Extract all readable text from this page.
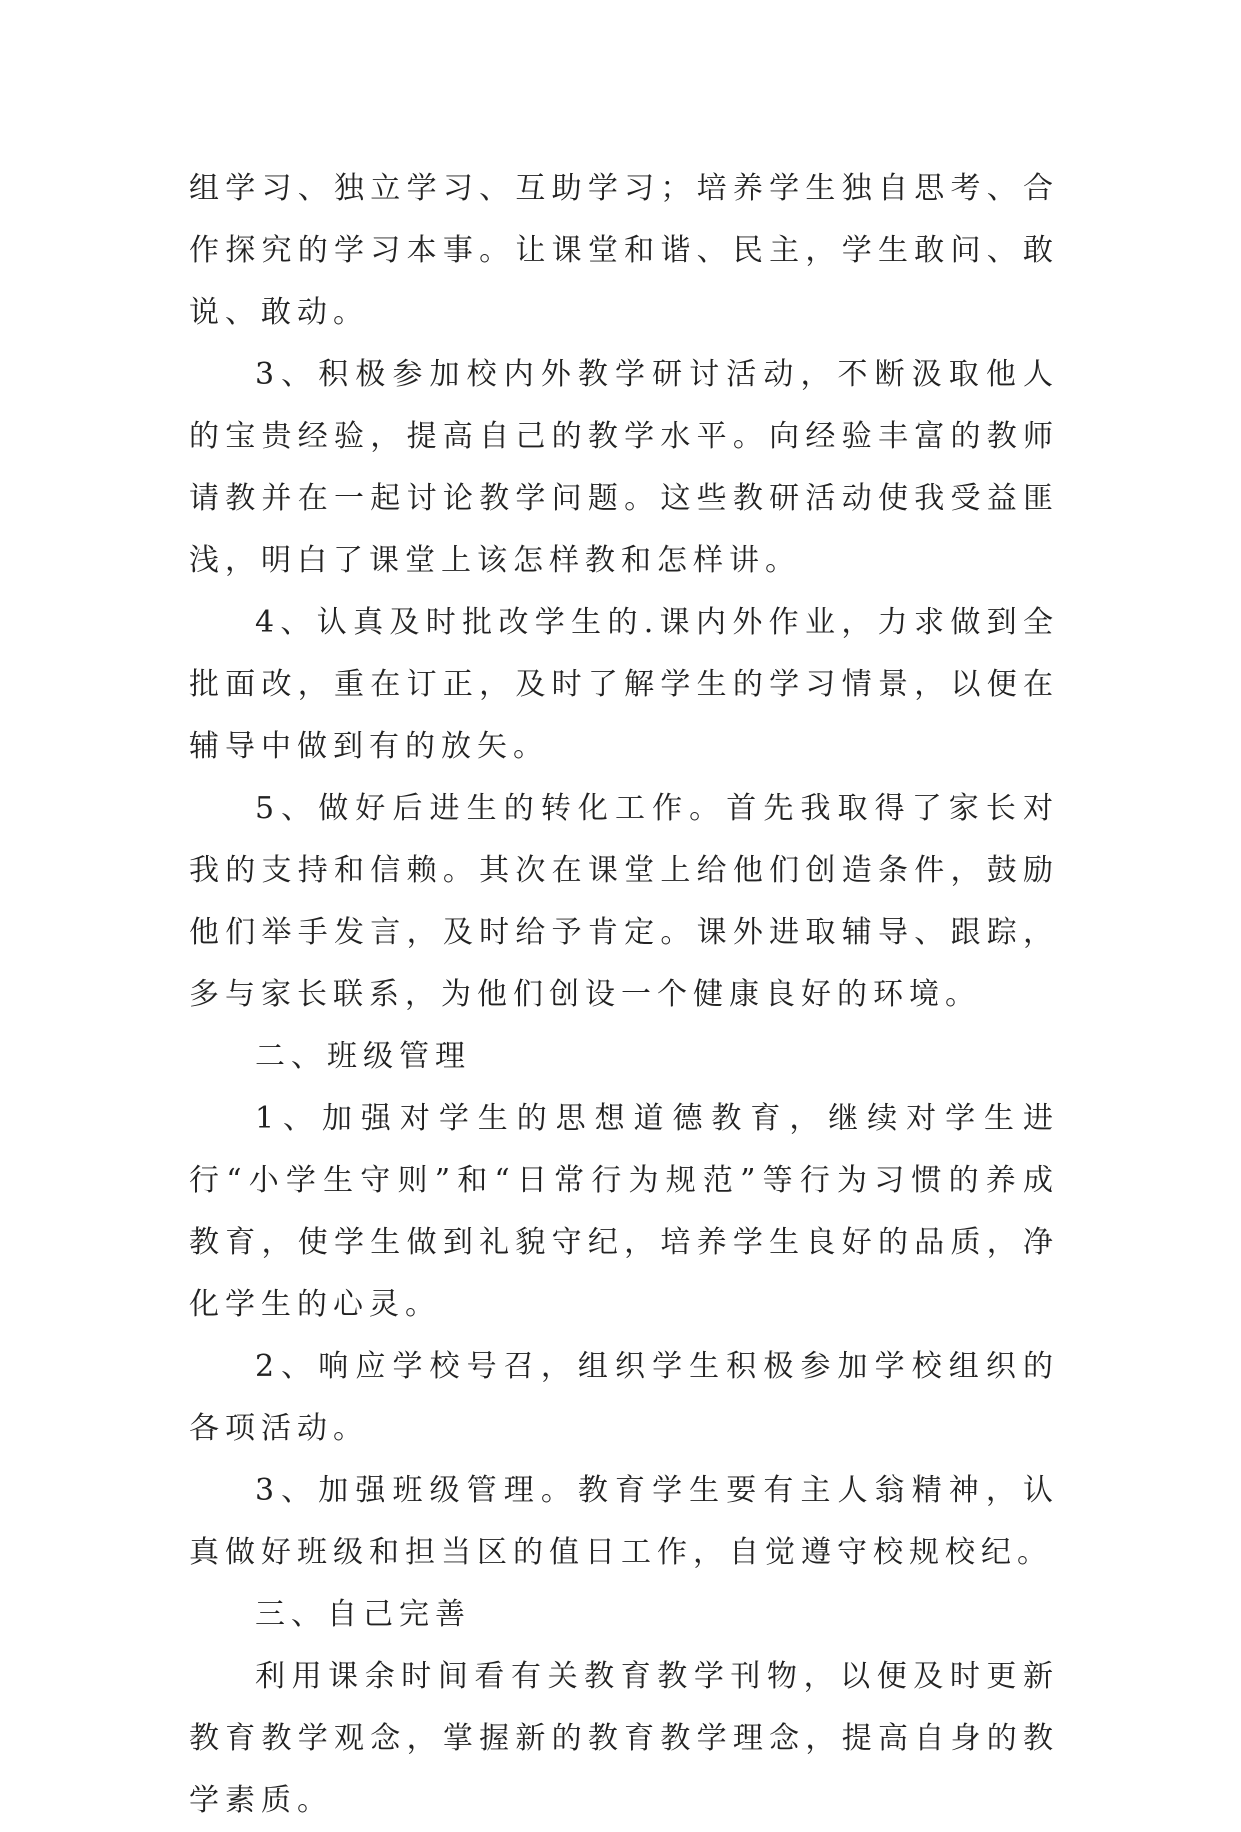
组学习、独立学习、互助学习；培养学生独自思考、合作探究的学习本事。让课堂和谐、民主，学生敢问、敢说、敢动。

3、积极参加校内外教学研讨活动，不断汲取他人的宝贵经验，提高自己的教学水平。向经验丰富的教师请教并在一起讨论教学问题。这些教研活动使我受益匪浅，明白了课堂上该怎样教和怎样讲。

4、认真及时批改学生的.课内外作业，力求做到全批面改，重在订正，及时了解学生的学习情景，以便在辅导中做到有的放矢。

5、做好后进生的转化工作。首先我取得了家长对我的支持和信赖。其次在课堂上给他们创造条件，鼓励他们举手发言，及时给予肯定。课外进取辅导、跟踪，多与家长联系，为他们创设一个健康良好的环境。

二、班级管理

1、加强对学生的思想道德教育，继续对学生进行“小学生守则”和“日常行为规范”等行为习惯的养成教育，使学生做到礼貌守纪，培养学生良好的品质，净化学生的心灵。

2、响应学校号召，组织学生积极参加学校组织的各项活动。

3、加强班级管理。教育学生要有主人翁精神，认真做好班级和担当区的值日工作，自觉遵守校规校纪。

三、自己完善

利用课余时间看有关教育教学刊物，以便及时更新教育教学观念，掌握新的教育教学理念，提高自身的教学素质。
